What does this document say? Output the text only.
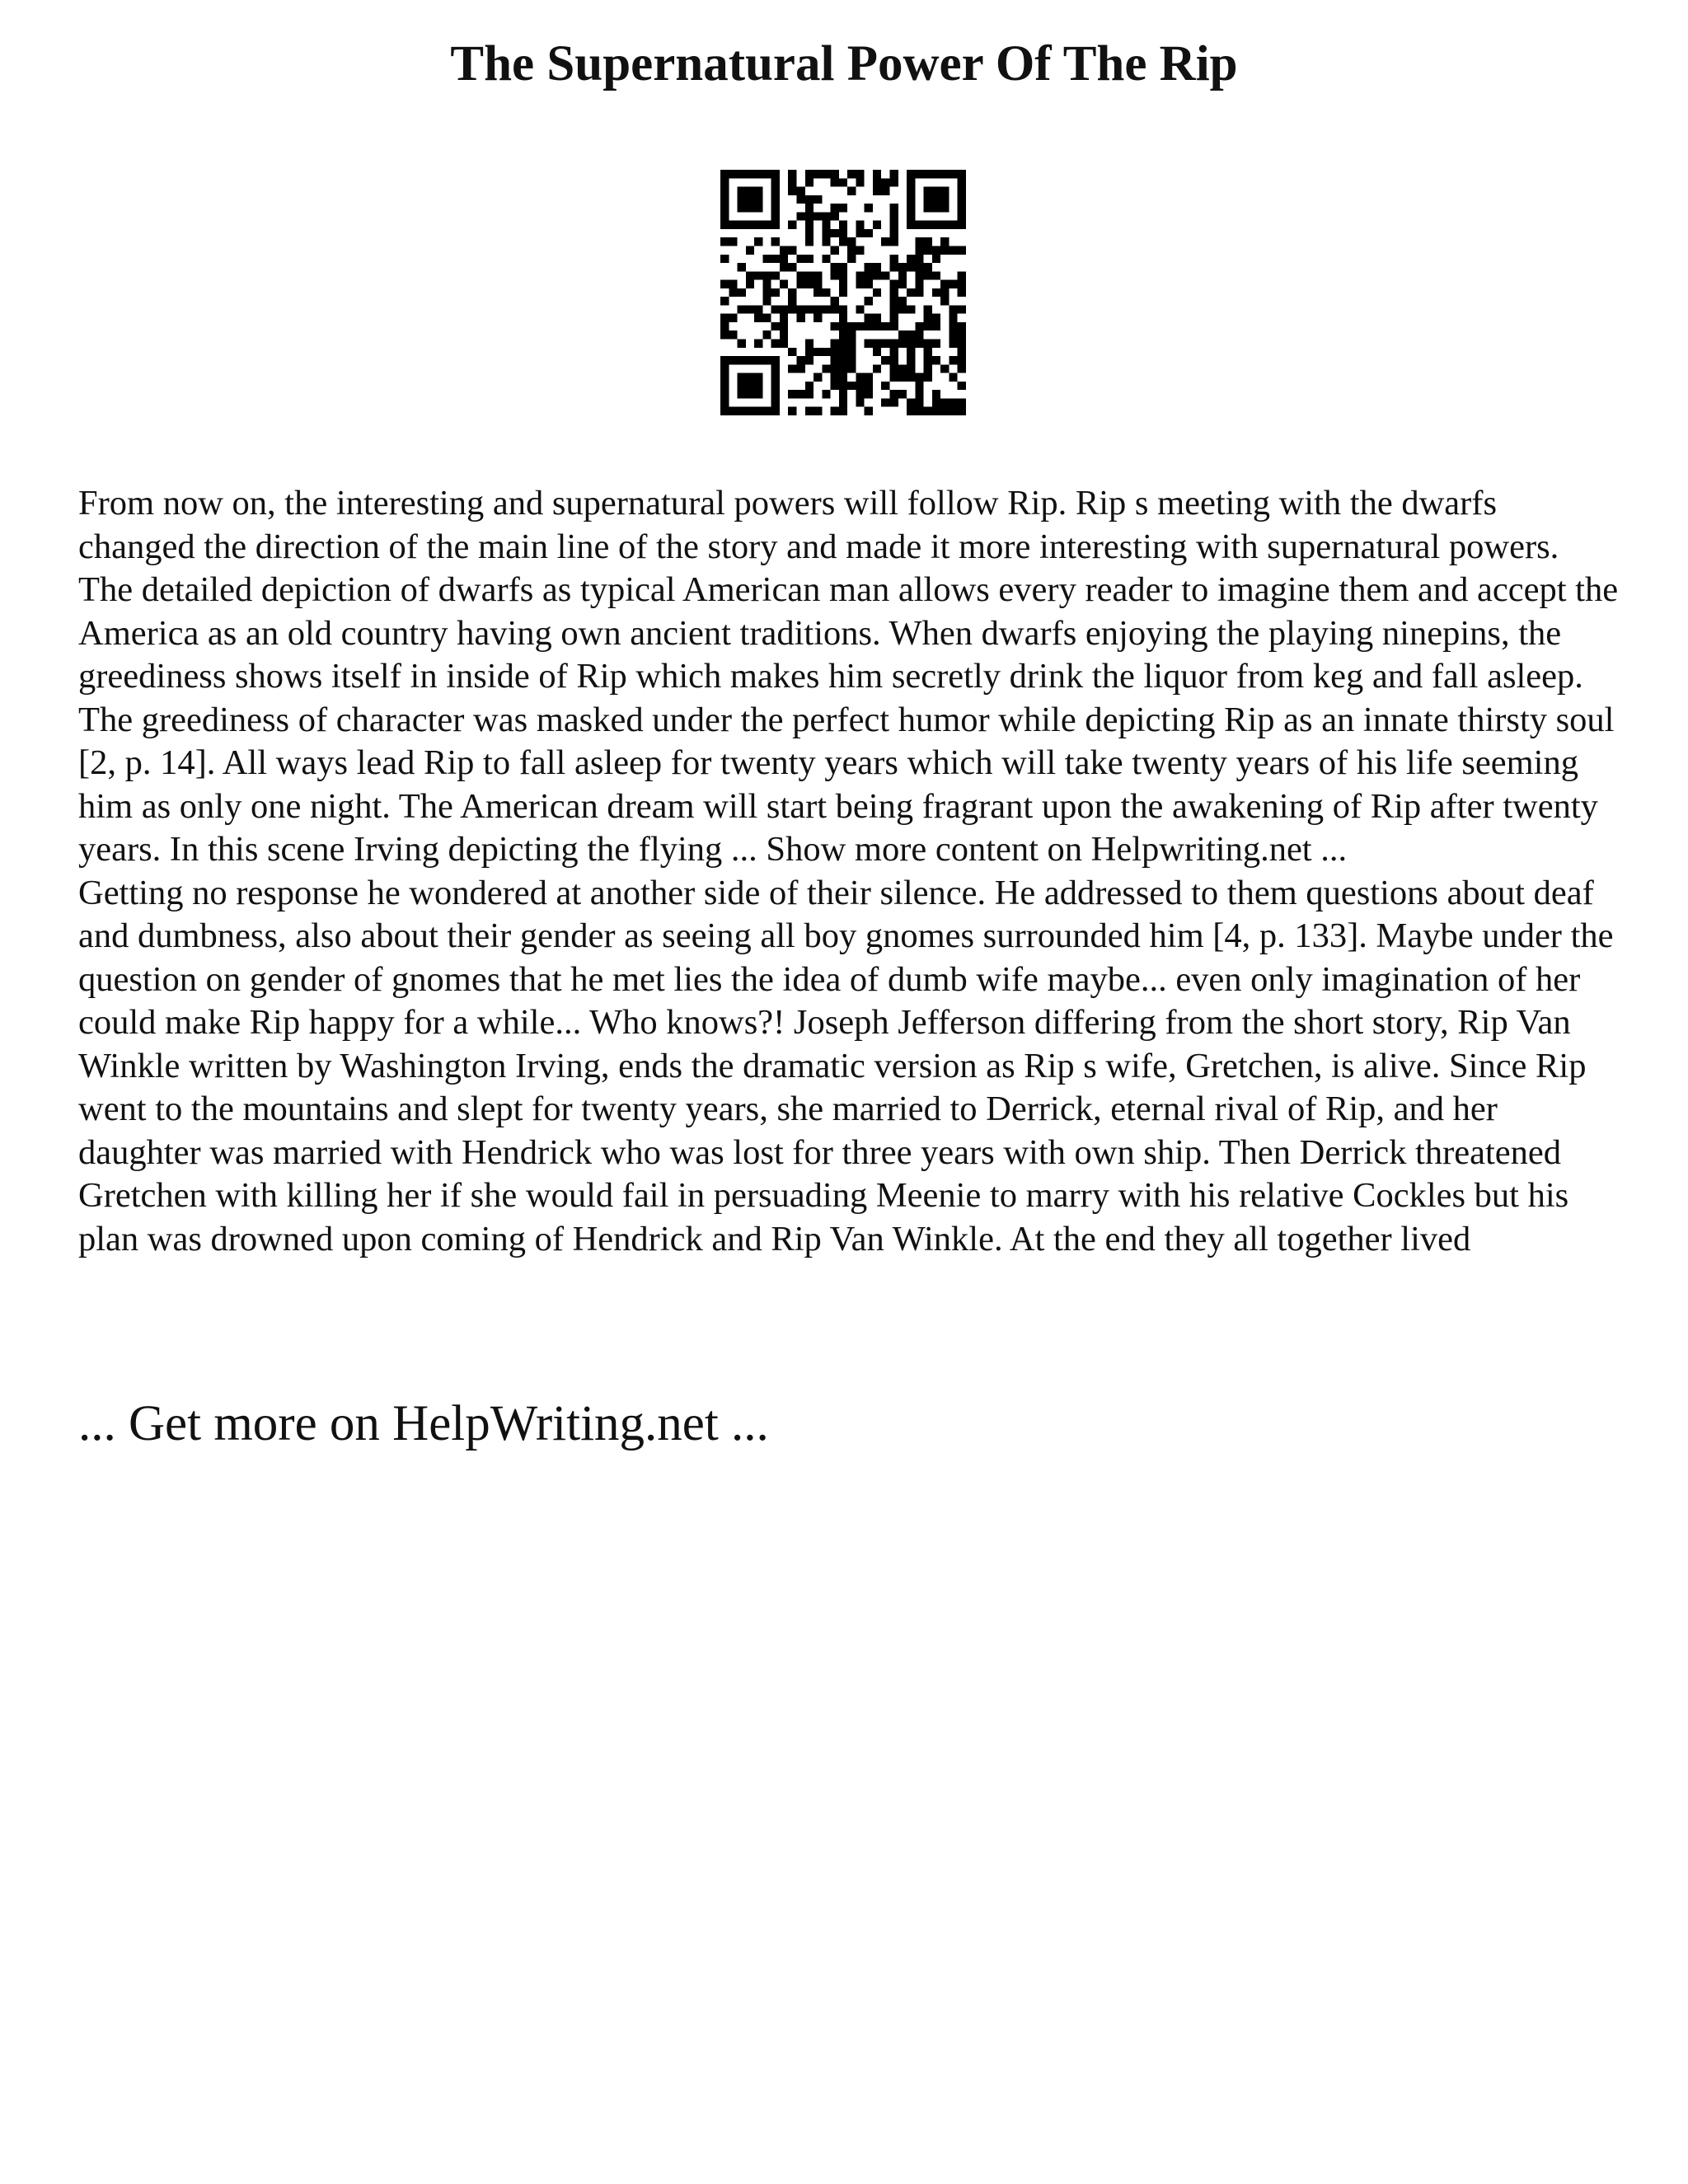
The Supernatural Power Of The Rip

From now on, the interesting and supernatural powers will follow Rip. Rip s meeting with the dwarfs changed the direction of the main line of the story and made it more interesting with supernatural powers. The detailed depiction of dwarfs as typical American man allows every reader to imagine them and accept the America as an old country having own ancient traditions. When dwarfs enjoying the playing ninepins, the greediness shows itself in inside of Rip which makes him secretly drink the liquor from keg and fall asleep. The greediness of character was masked under the perfect humor while depicting Rip as an innate thirsty soul [2, p. 14]. All ways lead Rip to fall asleep for twenty years which will take twenty years of his life seeming him as only one night. The American dream will start being fragrant upon the awakening of Rip after twenty years. In this scene Irving depicting the flying ... Show more content on Helpwriting.net ...

Getting no response he wondered at another side of their silence. He addressed to them questions about deaf and dumbness, also about their gender as seeing all boy gnomes surrounded him [4, p. 133]. Maybe under the question on gender of gnomes that he met lies the idea of dumb wife maybe... even only imagination of her could make Rip happy for a while... Who knows?! Joseph Jefferson differing from the short story, Rip Van Winkle written by Washington Irving, ends the dramatic version as Rip s wife, Gretchen, is alive. Since Rip went to the mountains and slept for twenty years, she married to Derrick, eternal rival of Rip, and her daughter was married with Hendrick who was lost for three years with own ship. Then Derrick threatened Gretchen with killing her if she would fail in persuading Meenie to marry with his relative Cockles but his plan was drowned upon coming of Hendrick and Rip Van Winkle. At the end they all together lived

... Get more on HelpWriting.net ...
